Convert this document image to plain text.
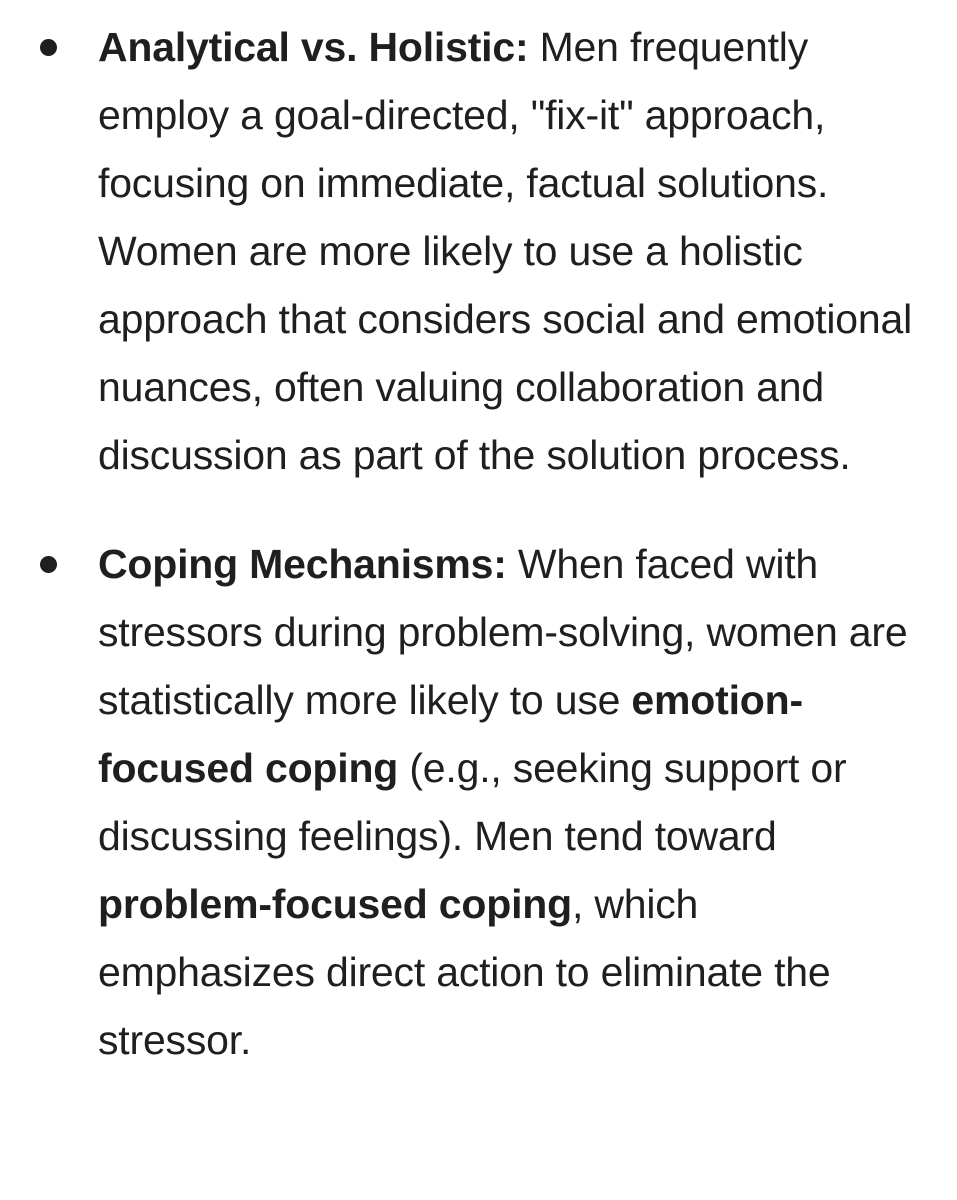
Analytical vs. Holistic: Men frequently employ a goal-directed, "fix-it" approach, focusing on immediate, factual solutions. Women are more likely to use a holistic approach that considers social and emotional nuances, often valuing collaboration and discussion as part of the solution process.
Coping Mechanisms: When faced with stressors during problem-solving, women are statistically more likely to use emotion-focused coping (e.g., seeking support or discussing feelings). Men tend toward problem-focused coping, which emphasizes direct action to eliminate the stressor.
